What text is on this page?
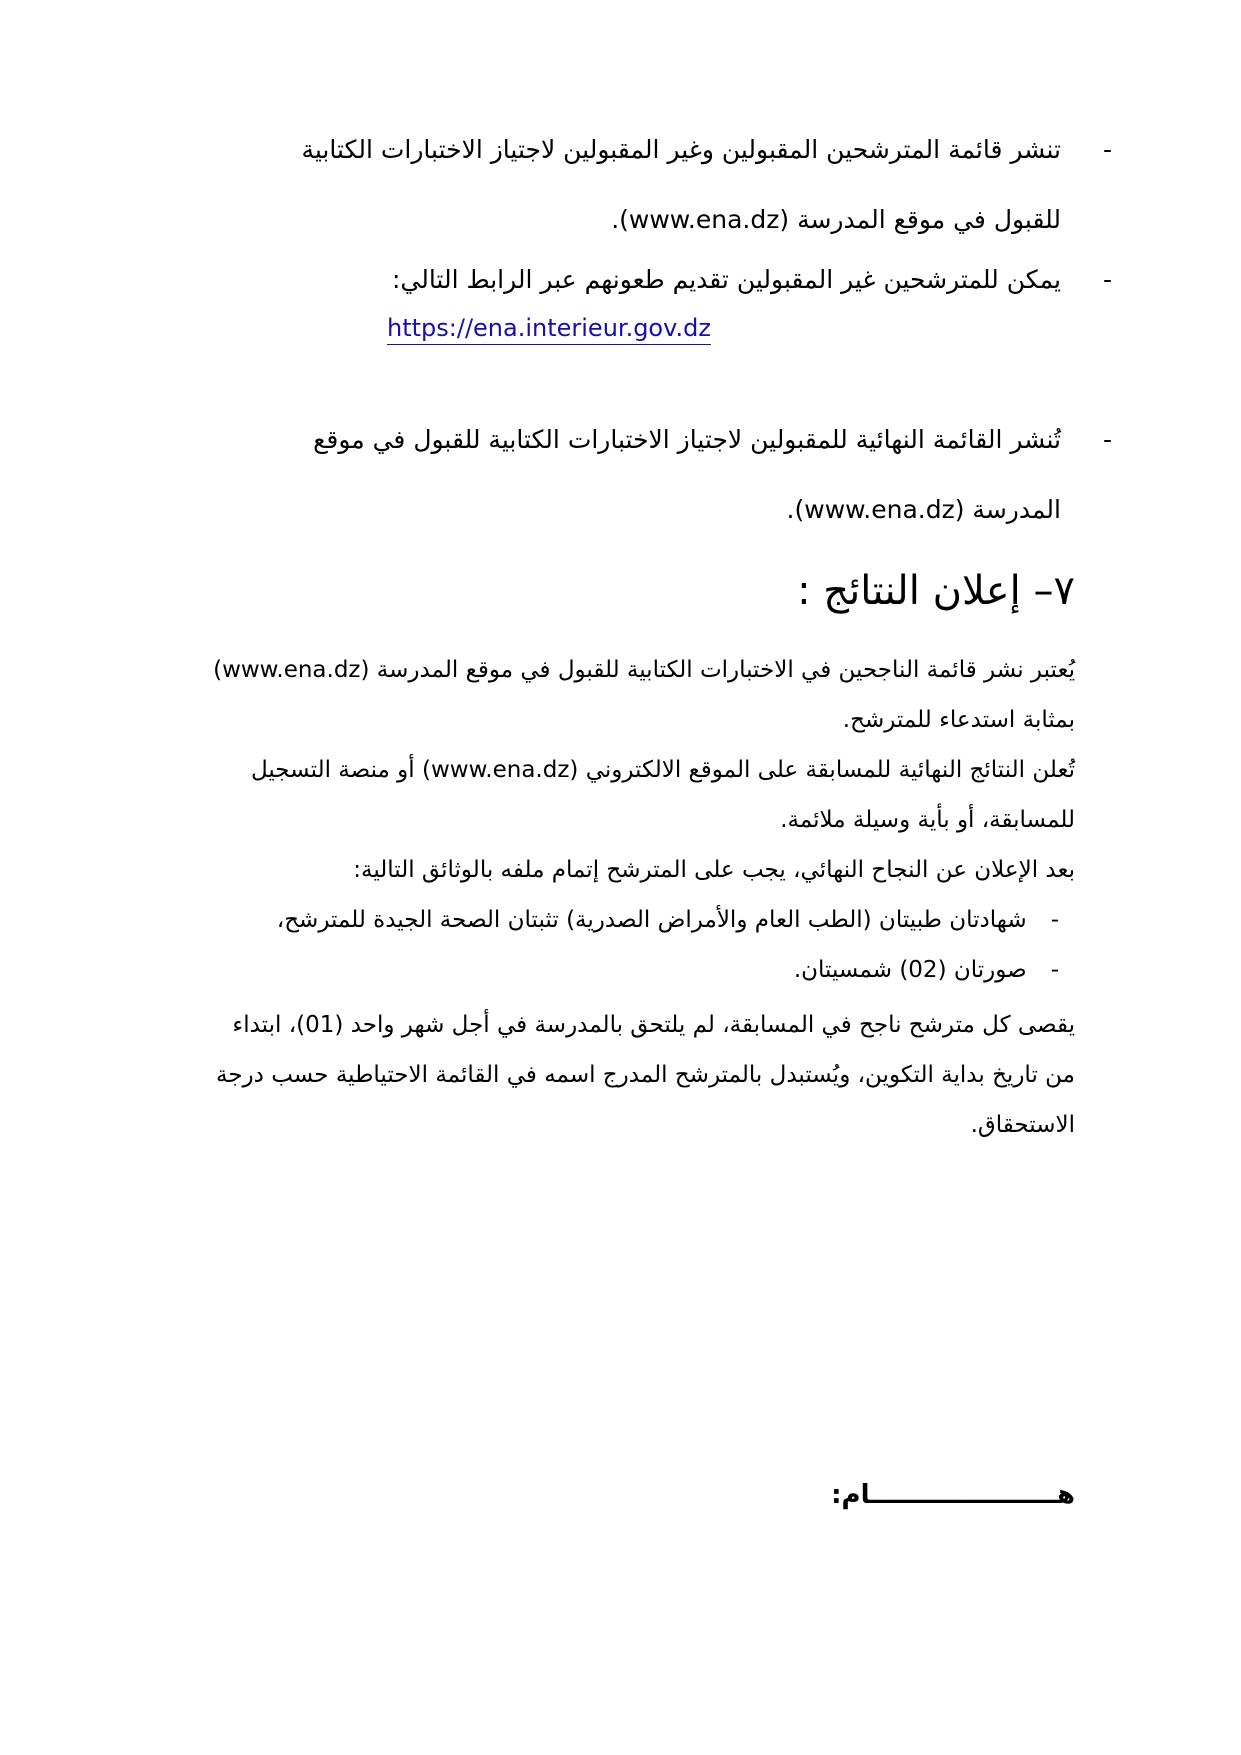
-

تنشر قائمة المترشحين المقبولين وغير المقبولين لاجتياز الاختبارات الكتابية

للقبول في موقع المدرسة (www.ena.dz).

-

يمكن للمترشحين غير المقبولين تقديم طعونهم عبر الرابط التالي:

https://ena.interieur.gov.dz
-

تُنشر القائمة النهائية للمقبولين لاجتياز الاختبارات الكتابية للقبول في موقع

المدرسة (www.ena.dz).

٧– إعلان النتائج :
يُعتبر نشر قائمة الناجحين في الاختبارات الكتابية للقبول في موقع المدرسة (www.ena.dz)
بمثابة استدعاء للمترشح.
تُعلن النتائج النهائية للمسابقة على الموقع الالكتروني (www.ena.dz) أو منصة التسجيل
للمسابقة، أو بأية وسيلة ملائمة.
بعد الإعلان عن النجاح النهائي، يجب على المترشح إتمام ملفه بالوثائق التالية:
-شهادتان طبيتان (الطب العام والأمراض الصدرية) تثبتان الصحة الجيدة للمترشح،
-صورتان (02) شمسيتان.
يقصى كل مترشح ناجح في المسابقة، لم يلتحق بالمدرسة في أجل شهر واحد (01)، ابتداء
من تاريخ بداية التكوين، ويُستبدل بالمترشح المدرج اسمه في القائمة الاحتياطية حسب درجة
الاستحقاق.
هـــــــــــــــــــــام:
